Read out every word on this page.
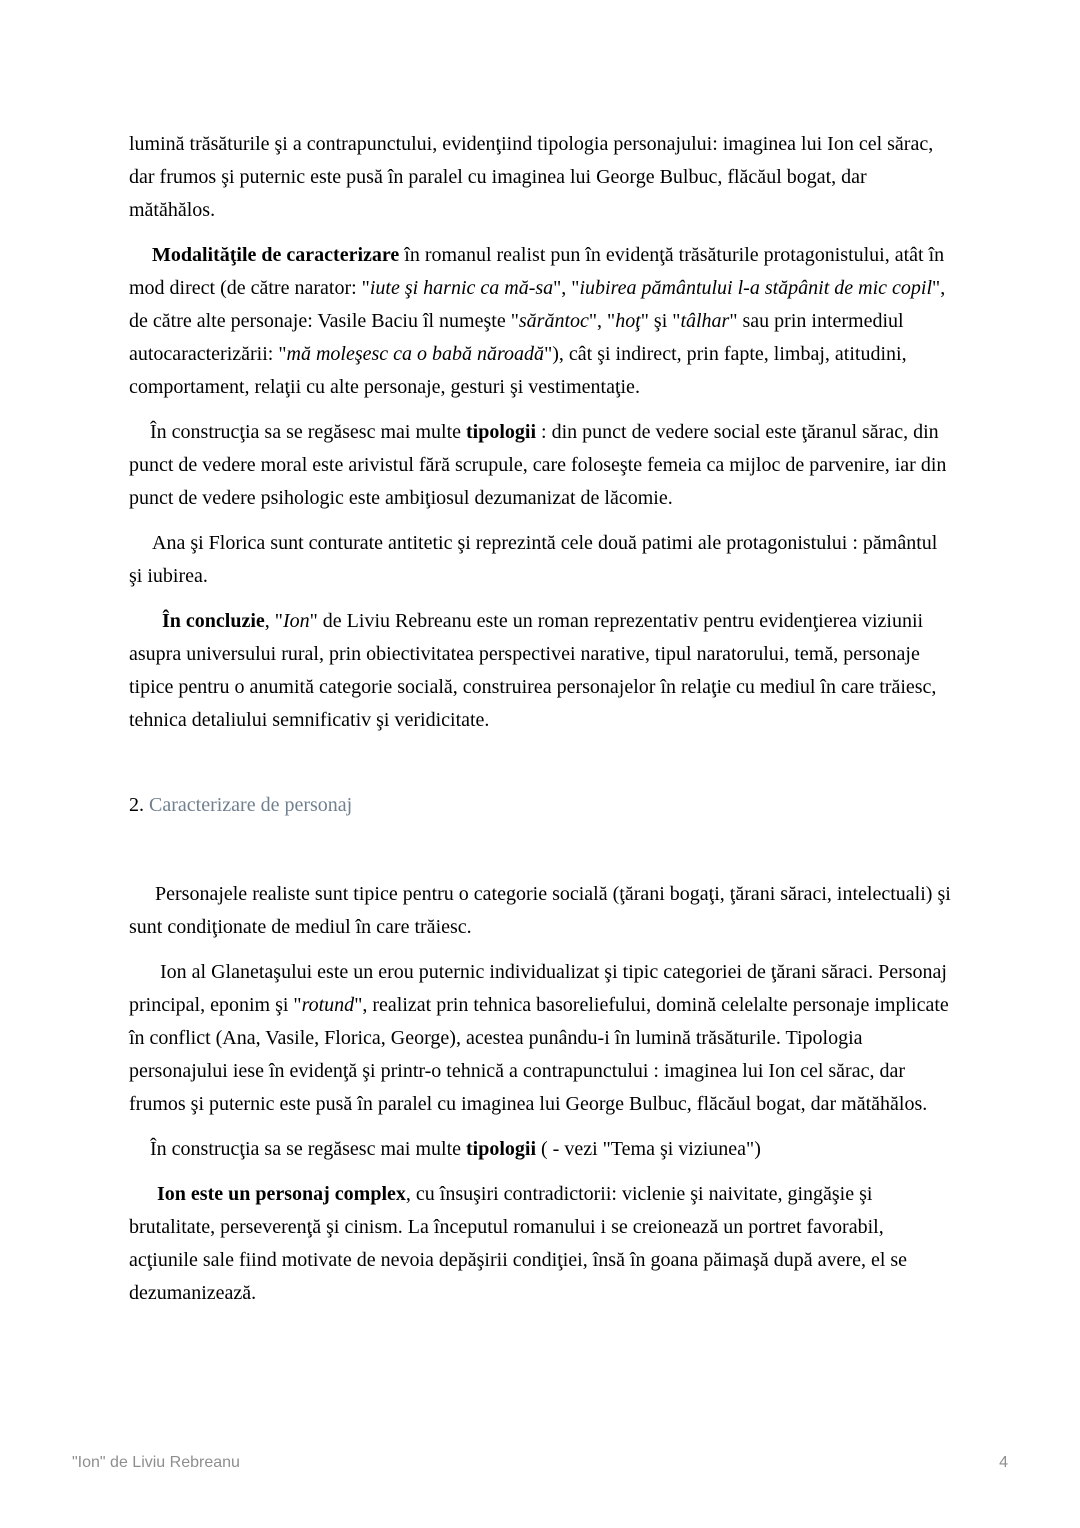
lumină trăsăturile şi a contrapunctului, evidenţiind tipologia personajului: imaginea lui Ion cel sărac, dar frumos şi puternic este pusă în paralel cu imaginea lui George Bulbuc, flăcăul bogat, dar mătăhălos.

Modalităţile de caracterizare în romanul realist pun în evidenţă trăsăturile protagonistului, atât în mod direct (de către narator: "iute şi harnic ca mă-sa", "iubirea pământului l-a stăpânit de mic copil", de către alte personaje: Vasile Baciu îl numeşte "sărăntoc", "hoţ" şi "tâlhar" sau prin intermediul autocaracterizării: "mă moleşesc ca o babă năroadă"), cât şi indirect, prin fapte, limbaj, atitudini, comportament, relaţii cu alte personaje, gesturi şi vestimentaţie.

În construcţia sa se regăsesc mai multe tipologii : din punct de vedere social este ţăranul sărac, din punct de vedere moral este arivistul fără scrupule, care foloseşte femeia ca mijloc de parvenire, iar din punct de vedere psihologic este ambiţiosul dezumanizat de lăcomie.

Ana şi Florica sunt conturate antitetic şi reprezintă cele două patimi ale protagonistului : pământul şi iubirea.

În concluzie, "Ion" de Liviu Rebreanu este un roman reprezentativ pentru evidenţierea viziunii asupra universului rural, prin obiectivitatea perspectivei narative, tipul naratorului, temă, personaje tipice pentru o anumită categorie socială, construirea personajelor în relaţie cu mediul în care trăiesc, tehnica detaliului semnificativ şi veridicitate.

2. Caracterizare de personaj

Personajele realiste sunt tipice pentru o categorie socială (ţărani bogaţi, ţărani săraci, intelectuali) şi sunt condiţionate de mediul în care trăiesc.

Ion al Glanetaşului este un erou puternic individualizat şi tipic categoriei de ţărani săraci. Personaj principal, eponim şi "rotund", realizat prin tehnica basoreliefului, domină celelalte personaje implicate în conflict (Ana, Vasile, Florica, George), acestea punându-i în lumină trăsăturile. Tipologia personajului iese în evidenţă şi printr-o tehnică a contrapunctului : imaginea lui Ion cel sărac, dar frumos şi puternic este pusă în paralel cu imaginea lui George Bulbuc, flăcăul bogat, dar mătăhălos.

În construcţia sa se regăsesc mai multe tipologii ( - vezi "Tema şi viziunea")

Ion este un personaj complex, cu însuşiri contradictorii: viclenie şi naivitate, gingăşie şi brutalitate, perseverenţă şi cinism. La începutul romanului i se creionează un portret favorabil, acţiunile sale fiind motivate de nevoia depăşirii condiţiei, însă în goana păimaşă după avere, el se dezumanizează.

"Ion" de Liviu Rebreanu	4
